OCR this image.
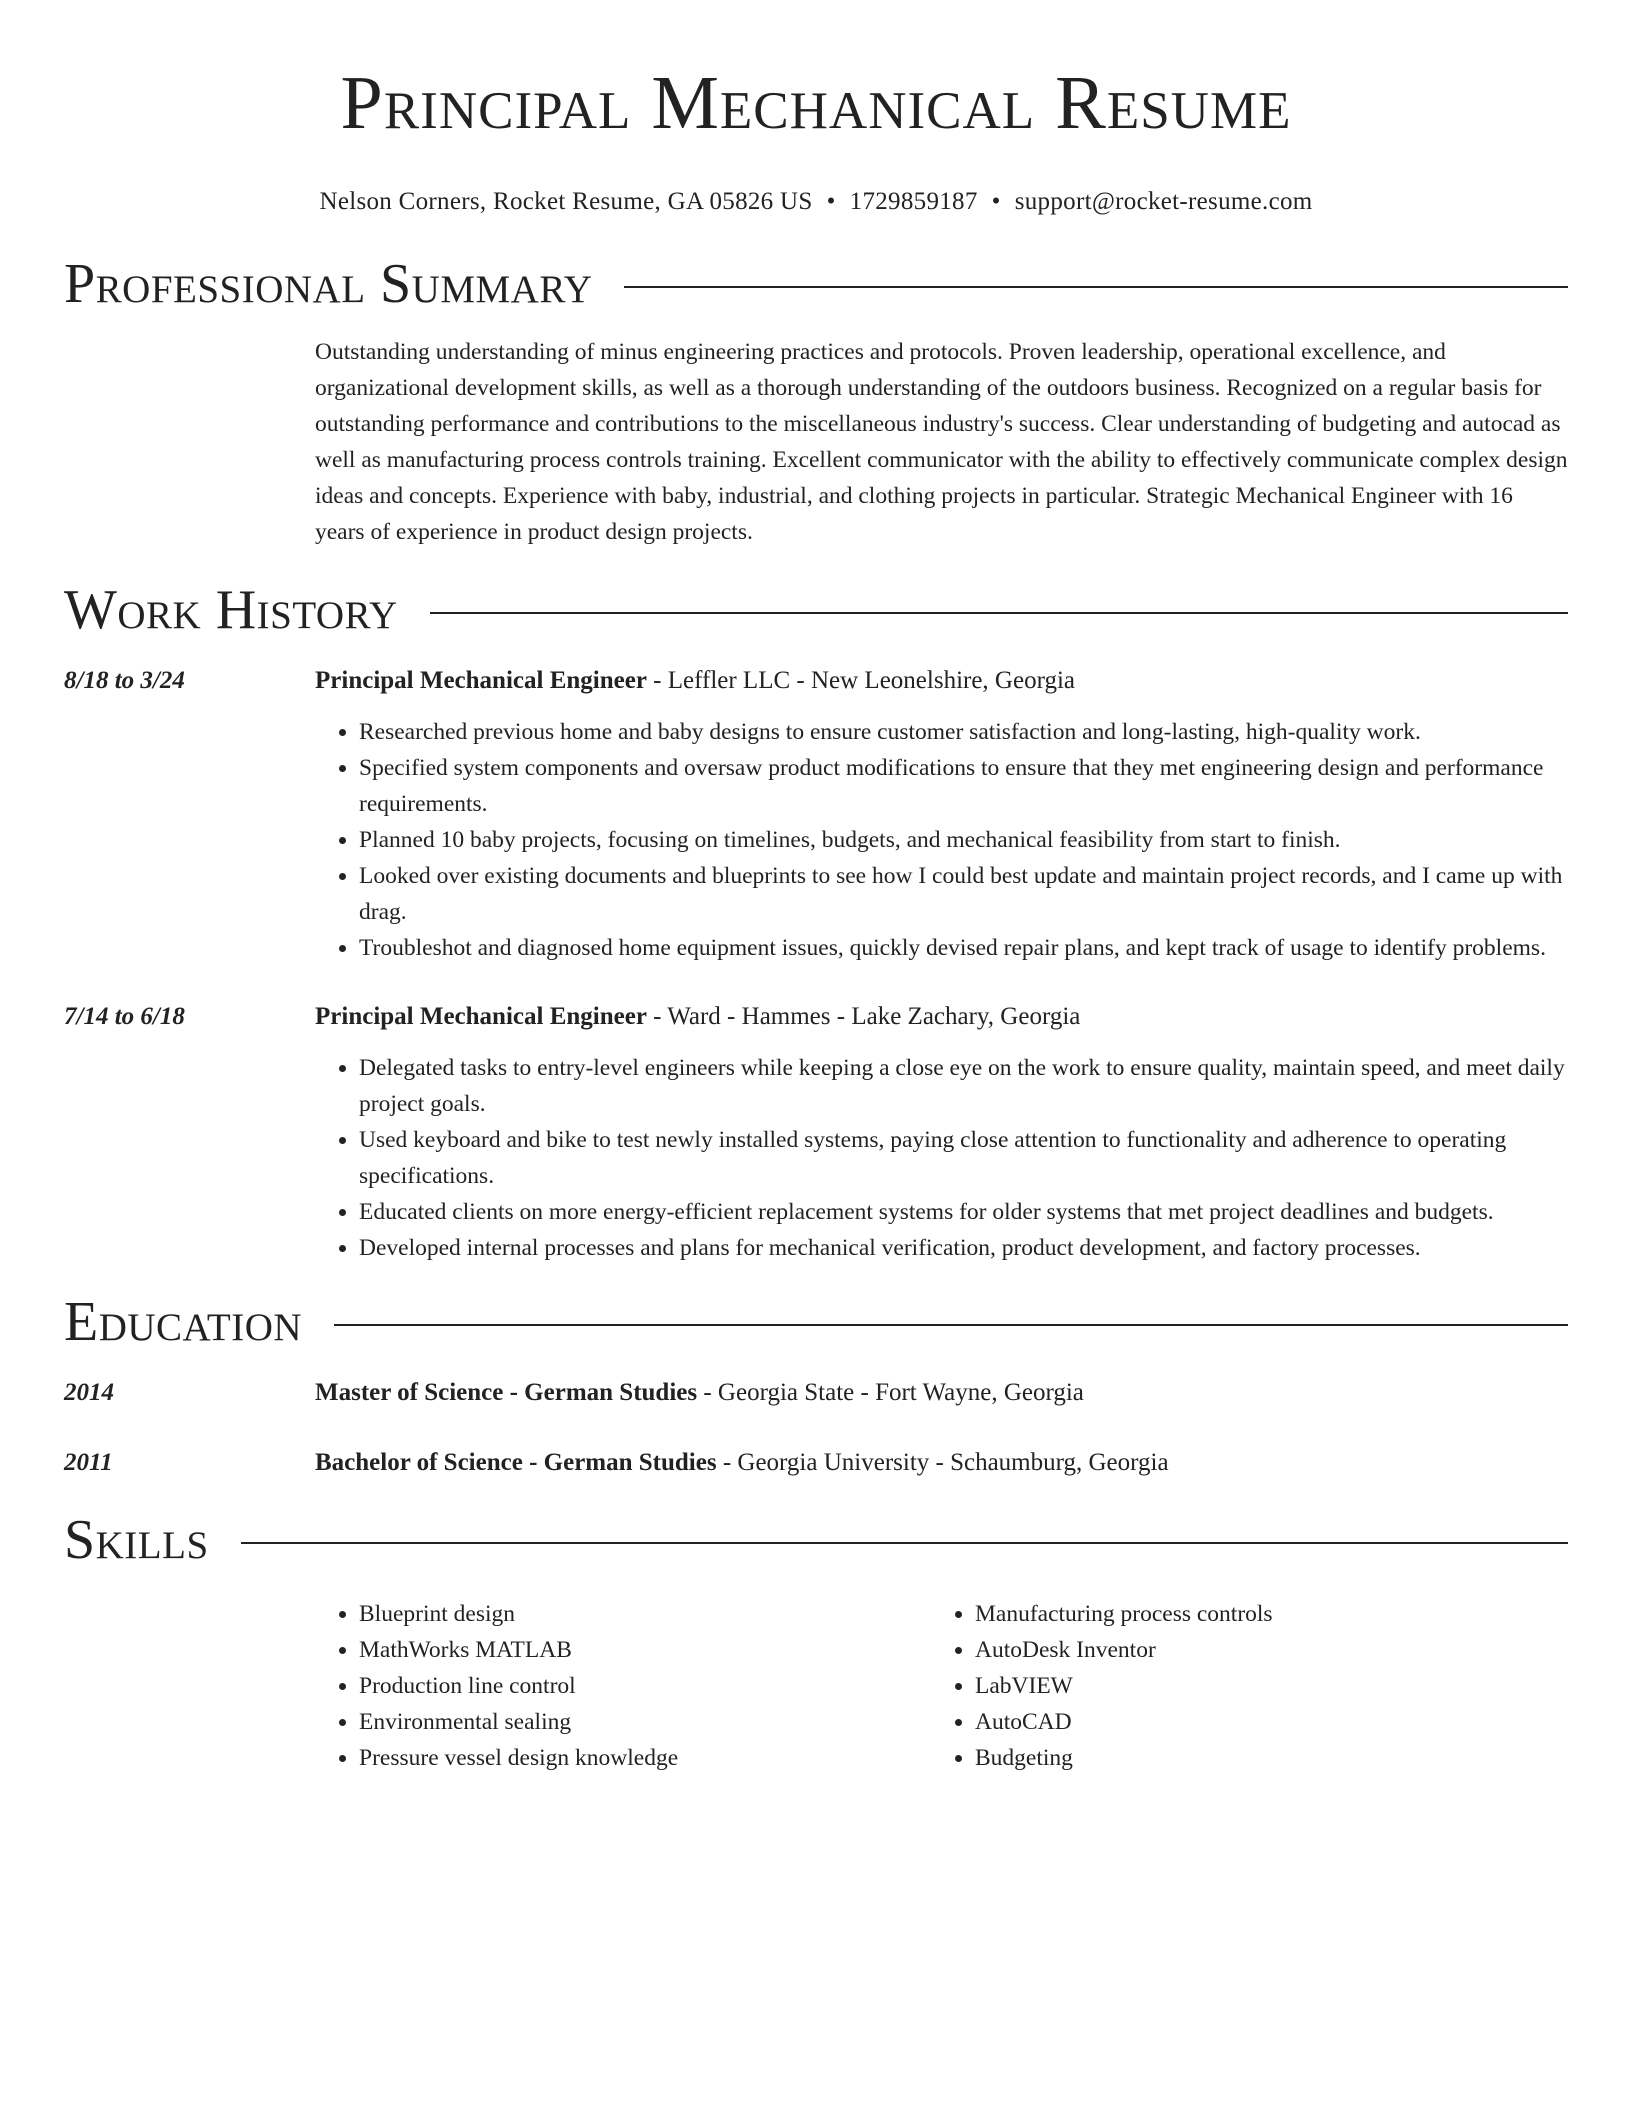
Principal Mechanical Resume
Nelson Corners, Rocket Resume, GA 05826 US • 1729859187 • support@rocket-resume.com
Professional Summary
Outstanding understanding of minus engineering practices and protocols. Proven leadership, operational excellence, and organizational development skills, as well as a thorough understanding of the outdoors business. Recognized on a regular basis for outstanding performance and contributions to the miscellaneous industry's success. Clear understanding of budgeting and autocad as well as manufacturing process controls training. Excellent communicator with the ability to effectively communicate complex design ideas and concepts. Experience with baby, industrial, and clothing projects in particular. Strategic Mechanical Engineer with 16 years of experience in product design projects.
Work History
8/18 to 3/24	Principal Mechanical Engineer - Leffler LLC - New Leonelshire, Georgia
• Researched previous home and baby designs to ensure customer satisfaction and long-lasting, high-quality work.
• Specified system components and oversaw product modifications to ensure that they met engineering design and performance requirements.
• Planned 10 baby projects, focusing on timelines, budgets, and mechanical feasibility from start to finish.
• Looked over existing documents and blueprints to see how I could best update and maintain project records, and I came up with drag.
• Troubleshot and diagnosed home equipment issues, quickly devised repair plans, and kept track of usage to identify problems.
7/14 to 6/18	Principal Mechanical Engineer - Ward - Hammes - Lake Zachary, Georgia
• Delegated tasks to entry-level engineers while keeping a close eye on the work to ensure quality, maintain speed, and meet daily project goals.
• Used keyboard and bike to test newly installed systems, paying close attention to functionality and adherence to operating specifications.
• Educated clients on more energy-efficient replacement systems for older systems that met project deadlines and budgets.
• Developed internal processes and plans for mechanical verification, product development, and factory processes.
Education
2014	Master of Science - German Studies - Georgia State - Fort Wayne, Georgia
2011	Bachelor of Science - German Studies - Georgia University - Schaumburg, Georgia
Skills
• Blueprint design
• MathWorks MATLAB
• Production line control
• Environmental sealing
• Pressure vessel design knowledge
• Manufacturing process controls
• AutoDesk Inventor
• LabVIEW
• AutoCAD
• Budgeting
